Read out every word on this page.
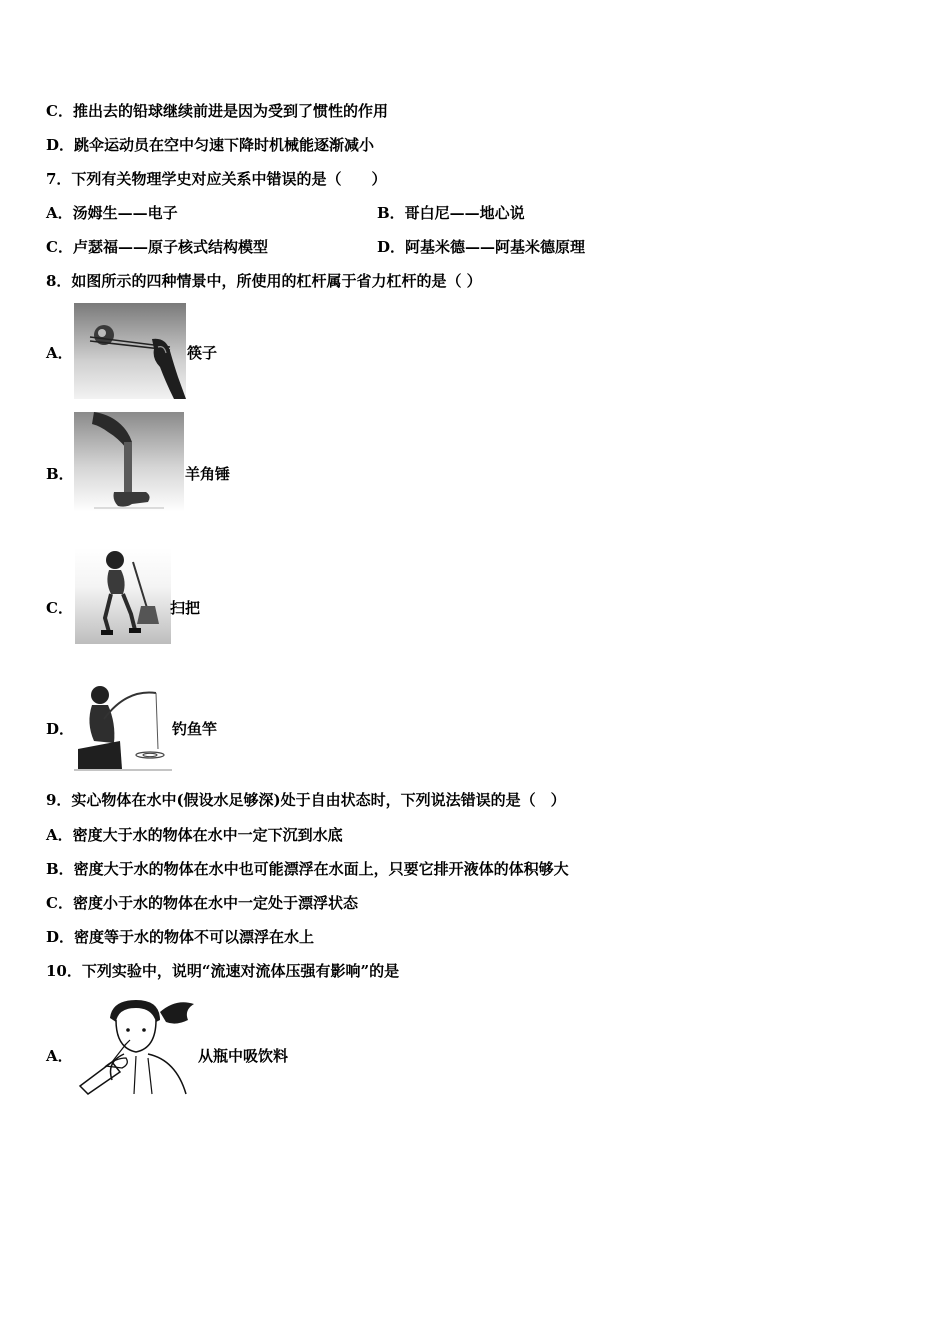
C．推出去的铅球继续前进是因为受到了惯性的作用
D．跳伞运动员在空中匀速下降时机械能逐渐减小
7．下列有关物理学史对应关系中错误的是（　　）
A．汤姆生——电子	B．哥白尼——地心说
C．卢瑟福——原子核式结构模型	D．阿基米德——阿基米德原理
8．如图所示的四种情景中，所使用的杠杆属于省力杠杆的是（ ）
A．	筷子
B．	羊角锤
C．	扫把
D．	钓鱼竿
9．实心物体在水中(假设水足够深)处于自由状态时，下列说法错误的是（　）
A．密度大于水的物体在水中一定下沉到水底
B．密度大于水的物体在水中也可能漂浮在水面上，只要它排开液体的体积够大
C．密度小于水的物体在水中一定处于漂浮状态
D．密度等于水的物体不可以漂浮在水上
10．下列实验中，说明“流速对流体压强有影响”的是
A．	从瓶中吸饮料
